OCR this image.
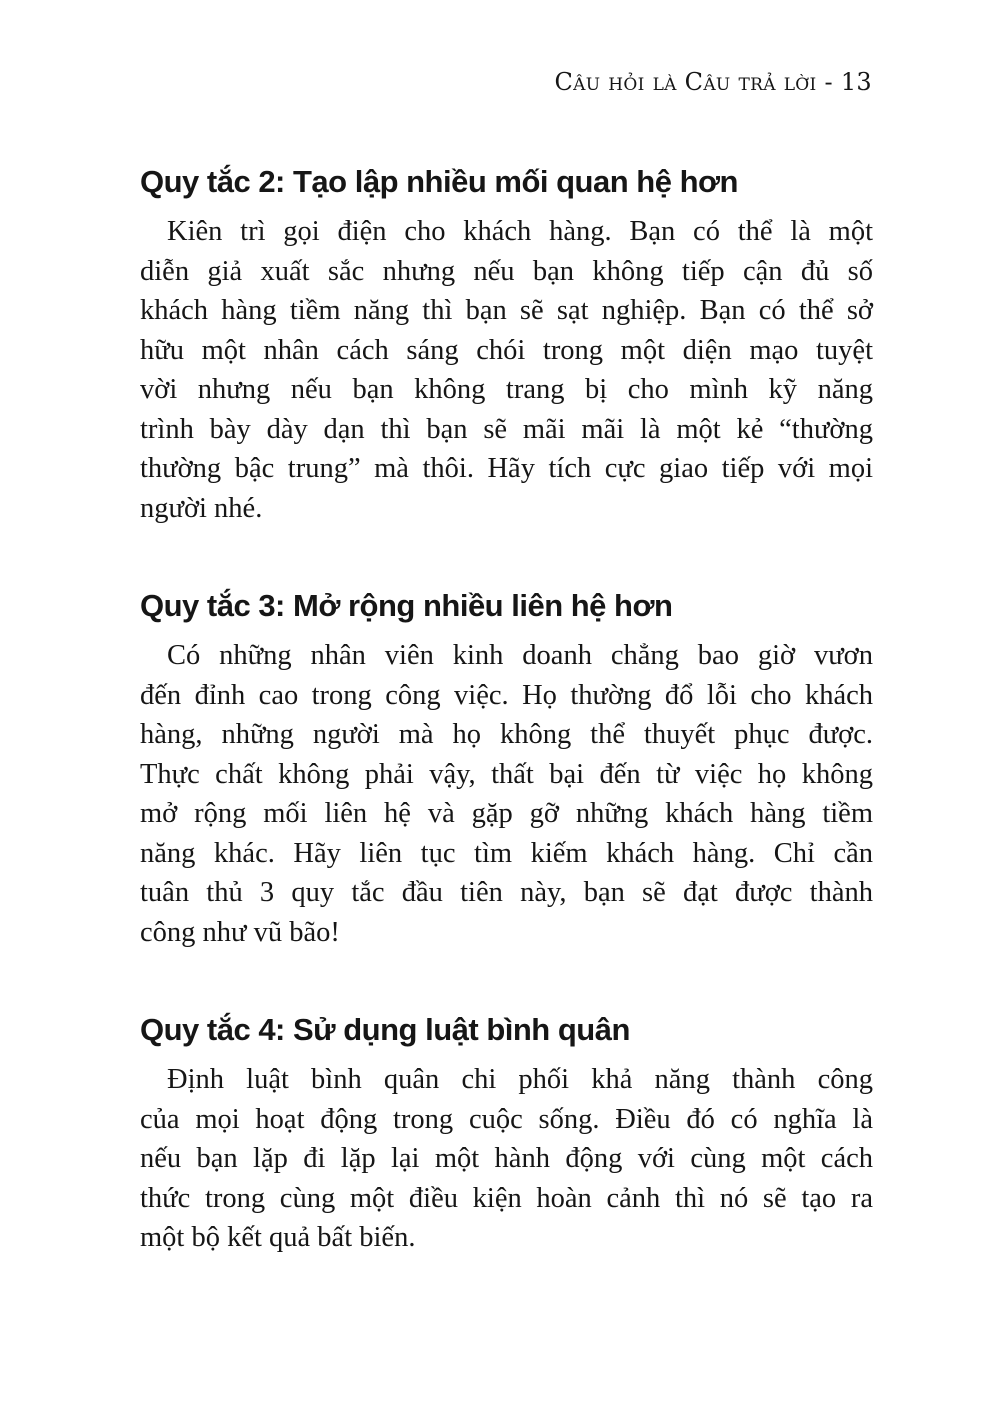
Câu hỏi là Câu trả lời - 13
Quy tắc 2: Tạo lập nhiều mối quan hệ hơn
Kiên trì gọi điện cho khách hàng. Bạn có thể là một
diễn giả xuất sắc nhưng nếu bạn không tiếp cận đủ số
khách hàng tiềm năng thì bạn sẽ sạt nghiệp. Bạn có thể sở
hữu một nhân cách sáng chói trong một diện mạo tuyệt
vời nhưng nếu bạn không trang bị cho mình kỹ năng
trình bày dày dạn thì bạn sẽ mãi mãi là một kẻ “thường
thường bậc trung” mà thôi. Hãy tích cực giao tiếp với mọi
người nhé.
Quy tắc 3: Mở rộng nhiều liên hệ hơn
Có những nhân viên kinh doanh chẳng bao giờ vươn
đến đỉnh cao trong công việc. Họ thường đổ lỗi cho khách
hàng, những người mà họ không thể thuyết phục được.
Thực chất không phải vậy, thất bại đến từ việc họ không
mở rộng mối liên hệ và gặp gỡ những khách hàng tiềm
năng khác. Hãy liên tục tìm kiếm khách hàng. Chỉ cần
tuân thủ 3 quy tắc đầu tiên này, bạn sẽ đạt được thành
công như vũ bão!
Quy tắc 4: Sử dụng luật bình quân
Định luật bình quân chi phối khả năng thành công
của mọi hoạt động trong cuộc sống. Điều đó có nghĩa là
nếu bạn lặp đi lặp lại một hành động với cùng một cách
thức trong cùng một điều kiện hoàn cảnh thì nó sẽ tạo ra
một bộ kết quả bất biến.
